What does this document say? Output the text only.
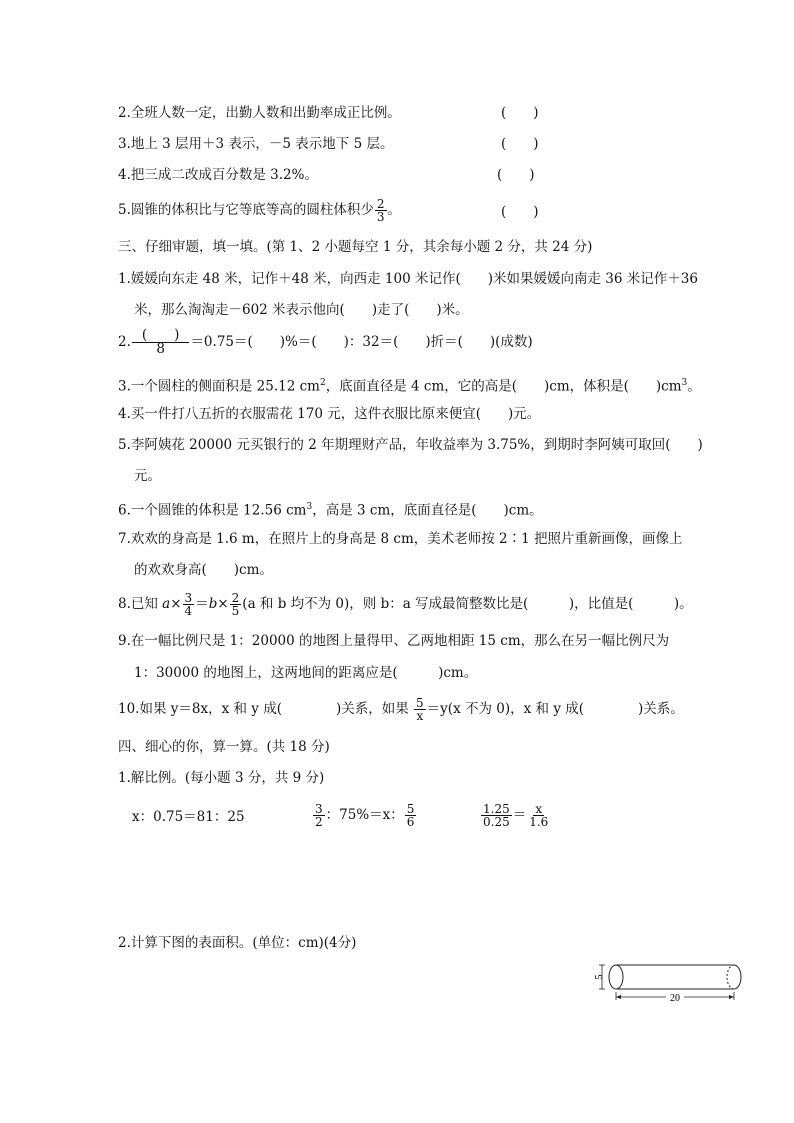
2.全班人数一定，出勤人数和出勤率成正比例。	(　　)
3.地上 3 层用＋3 表示，－5 表示地下 5 层。	(　　)
4.把三成二改成百分数是 3.2%。	(　　)
5.圆锥的体积比与它等底等高的圆柱体积少 $\frac{2}{3}$ 。	(　　)
三、仔细审题，填一填。(第 1、2 小题每空 1 分，其余每小题 2 分，共 24 分)
1.媛媛向东走 48 米，记作＋48 米，向西走 100 米记作(　　)米如果媛媛向南走 36 米记作＋36
米，那么淘淘走－602 米表示他向(　　)走了(　　)米。
2. $\frac{( )}{8} =0.75=$(　　)%＝(　　)：32＝(　　)折＝(　　)(成数)
3.一个圆柱的侧面积是 25.12 $cm^2$，底面直径是 4 cm，它的高是(　　)cm，体积是(　　)$cm^3$。
4.买一件打八五折的衣服需花 170 元，这件衣服比原来便宜(　　)元。
5.李阿姨花 20000 元买银行的 2 年期理财产品，年收益率为 3.75%，到期时李阿姨可取回(　　)
元。
6.一个圆锥的体积是 12.56 $cm^3$，高是 3 cm，底面直径是(　　)cm。
7.欢欢的身高是 1.6 m，在照片上的身高是 8 cm，美术老师按 2∶1 把照片重新画像，画像上
的欢欢身高(　　)cm。
8.已知 $a\times \frac{3}{4} =b\times \frac{2}{5} (a$ 和 b 均不为 0)，则 b：a 写成最简整数比是(　　　)，比值是(　　　)。
9.在一幅比例尺是 1：20000 的地图上量得甲、乙两地相距 15 cm，那么在另一幅比例尺为
1：30000 的地图上，这两地间的距离应是(　　　)cm。
10.如果 y＝8x，x 和 y 成(　　　　)关系，如果 $\frac{5}{x} =y(x$ 不为 0)，x 和 y 成(　　　　)关系。
四、细心的你，算一算。(共 18 分)
1.解比例。(每小题 3 分，共 9 分)
x：0.75＝81：25	$\frac{3}{2}$ ：75%＝x： $\frac{5}{6}$	$\frac{1.25}{0.25} = \frac{x}{1.6}$
2.计算下图的表面积。(单位：cm)(4分)
5
20
